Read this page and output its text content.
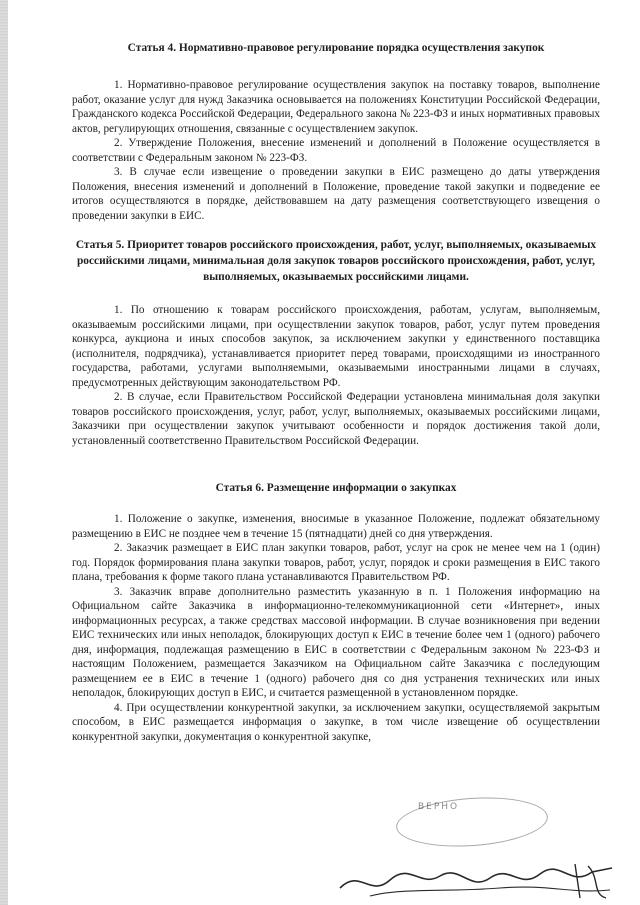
Статья 4. Нормативно-правовое регулирование порядка осуществления закупок

1. Нормативно-правовое регулирование осуществления закупок на поставку товаров, выполнение работ, оказание услуг для нужд Заказчика основывается на положениях Конституции Российской Федерации, Гражданского кодекса Российской Федерации, Федерального закона № 223-ФЗ и иных нормативных правовых актов, регулирующих отношения, связанные с осуществлением закупок.

2. Утверждение Положения, внесение изменений и дополнений в Положение осуществляется в соответствии с Федеральным законом № 223-ФЗ.

3. В случае если извещение о проведении закупки в ЕИС размещено до даты утверждения Положения, внесения изменений и дополнений в Положение, проведение такой закупки и подведение ее итогов осуществляются в порядке, действовавшем на дату размещения соответствующего извещения о проведении закупки в ЕИС.

Статья 5. Приоритет товаров российского происхождения, работ, услуг, выполняемых, оказываемых российскими лицами, минимальная доля закупок товаров российского происхождения, работ, услуг, выполняемых, оказываемых российскими лицами.

1. По отношению к товарам российского происхождения, работам, услугам, выполняемым, оказываемым российскими лицами, при осуществлении закупок товаров, работ, услуг путем проведения конкурса, аукциона и иных способов закупок, за исключением закупки у единственного поставщика (исполнителя, подрядчика), устанавливается приоритет перед товарами, происходящими из иностранного государства, работами, услугами выполняемыми, оказываемыми иностранными лицами в случаях, предусмотренных действующим законодательством РФ.

2. В случае, если Правительством Российской Федерации установлена минимальная доля закупки товаров российского происхождения, услуг, работ, услуг, выполняемых, оказываемых российскими лицами, Заказчики при осуществлении закупок учитывают особенности и порядок достижения такой доли, установленный соответственно Правительством Российской Федерации.

Статья 6. Размещение информации о закупках

1. Положение о закупке, изменения, вносимые в указанное Положение, подлежат обязательному размещению в ЕИС не позднее чем в течение 15 (пятнадцати) дней со дня утверждения.

2. Заказчик размещает в ЕИС план закупки товаров, работ, услуг на срок не менее чем на 1 (один) год. Порядок формирования плана закупки товаров, работ, услуг, порядок и сроки размещения в ЕИС такого плана, требования к форме такого плана устанавливаются Правительством РФ.

3. Заказчик вправе дополнительно разместить указанную в п. 1 Положения информацию на Официальном сайте Заказчика в информационно-телекоммуникационной сети «Интернет», иных информационных ресурсах, а также средствах массовой информации. В случае возникновения при ведении ЕИС технических или иных неполадок, блокирующих доступ к ЕИС в течение более чем 1 (одного) рабочего дня, информация, подлежащая размещению в ЕИС в соответствии с Федеральным законом № 223-ФЗ и настоящим Положением, размещается Заказчиком на Официальном сайте Заказчика с последующим размещением ее в ЕИС в течение 1 (одного) рабочего дня со дня устранения технических или иных неполадок, блокирующих доступ в ЕИС, и считается размещенной в установленном порядке.

4. При осуществлении конкурентной закупки, за исключением закупки, осуществляемой закрытым способом, в ЕИС размещается информация о закупке, в том числе извещение об осуществлении конкурентной закупки, документация о конкурентной закупке,

ВЕРНО
